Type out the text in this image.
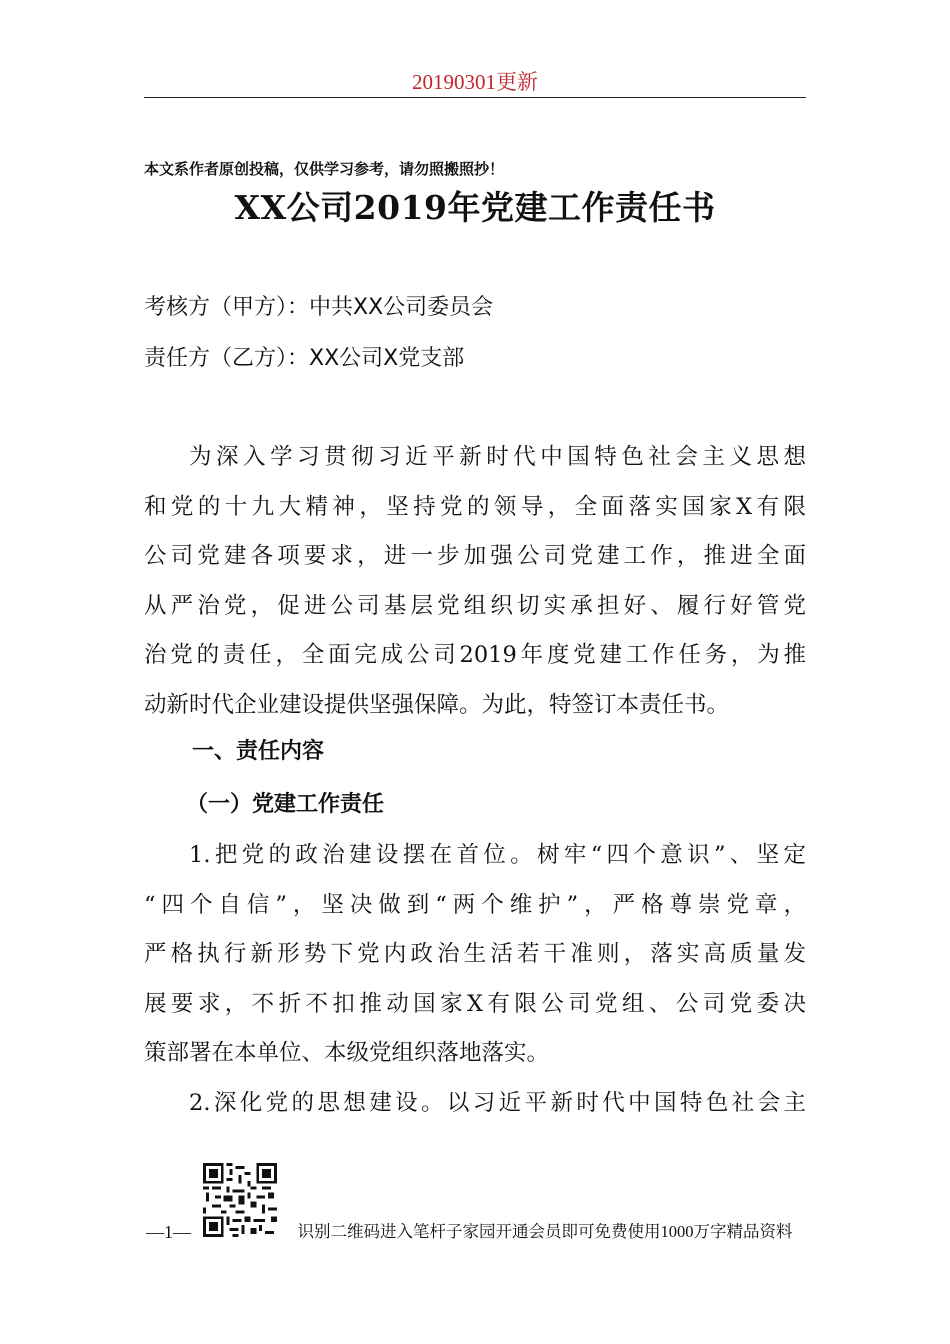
20190301更新
本文系作者原创投稿，仅供学习参考，请勿照搬照抄！
XX公司2019年党建工作责任书
考核方（甲方）：中共XX公司委员会
责任方（乙方）：XX公司X党支部
为深入学习贯彻习近平新时代中国特色社会主义思想
和党的十九大精神，坚持党的领导，全面落实国家X有限
公司党建各项要求，进一步加强公司党建工作，推进全面
从严治党，促进公司基层党组织切实承担好、履行好管党
治党的责任，全面完成公司2019年度党建工作任务，为推
动新时代企业建设提供坚强保障。为此，特签订本责任书。
一、责任内容
（一）党建工作责任
1.把党的政治建设摆在首位。树牢“四个意识”、坚定
“四个自信”，坚决做到“两个维护”，严格尊崇党章，
严格执行新形势下党内政治生活若干准则，落实高质量发
展要求，不折不扣推动国家X有限公司党组、公司党委决
策部署在本单位、本级党组织落地落实。
2.深化党的思想建设。以习近平新时代中国特色社会主
—1—	识别二维码进入笔杆子家园开通会员即可免费使用1000万字精品资料
